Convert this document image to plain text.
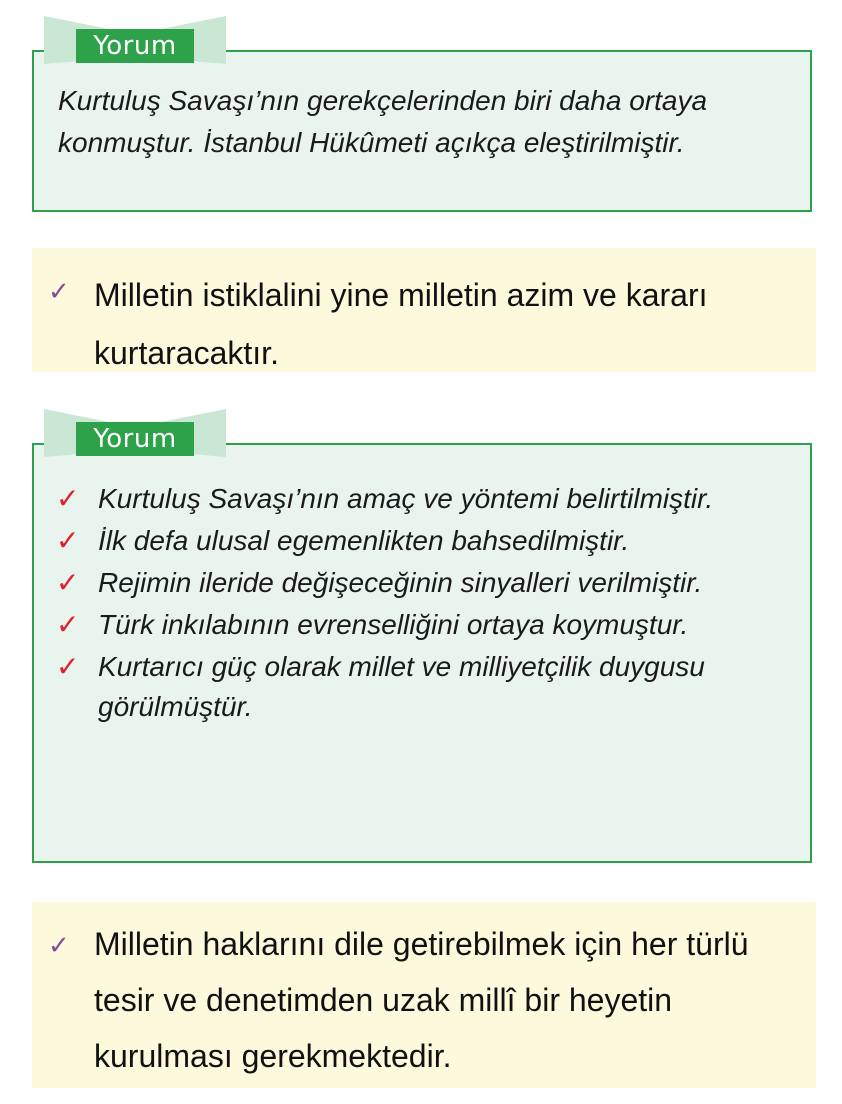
Kurtuluş Savaşı’nın gerekçelerinden biri daha ortaya konmuştur. İstanbul Hükûmeti açıkça eleştirilmiştir.
Yorum
✓ Milletin istiklalini yine milletin azim ve kararı kurtaracaktır.
✓ Kurtuluş Savaşı’nın amaç ve yöntemi belirtilmiştir.
✓ İlk defa ulusal egemenlikten bahsedilmiştir.
✓ Rejimin ileride değişeceğinin sinyalleri verilmiştir.
✓ Türk inkılabının evrenselliğini ortaya koymuştur.
✓ Kurtarıcı güç olarak millet ve milliyetçilik duygusu görülmüştür.
Yorum
✓ Milletin haklarını dile getirebilmek için her türlü tesir ve denetimden uzak millî bir heyetin kurulması gerekmektedir.
